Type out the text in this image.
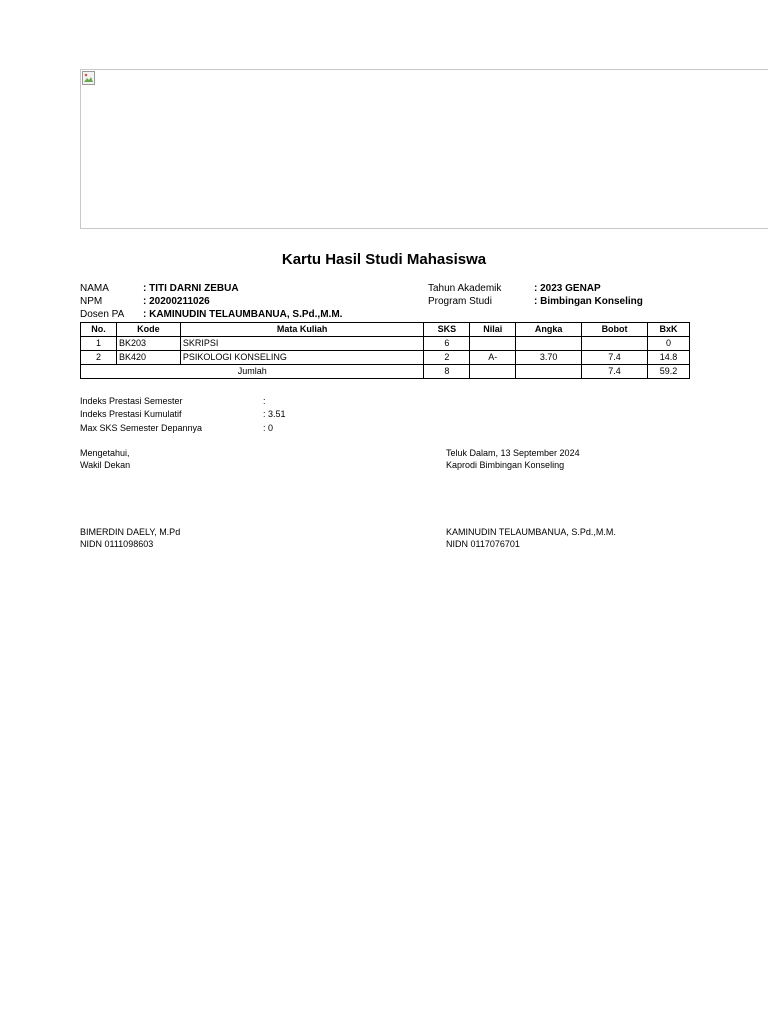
Kartu Hasil Studi Mahasiswa
NAMA	: TITI DARNI ZEBUA
NPM	: 20200211026
Dosen PA : KAMINUDIN TELAUMBANUA, S.Pd.,M.M.
Tahun Akademik	: 2023 GENAP
Program Studi	: Bimbingan Konseling
No.	Kode	Mata Kuliah	SKS	Nilai	Angka	Bobot	BxK
1	BK203	SKRIPSI	6				0
2	BK420	PSIKOLOGI KONSELING	2	A-	3.70	7.4	14.8
Jumlah			8			7.4	59.2
Indeks Prestasi Semester	:
Indeks Prestasi Kumulatif	: 3.51
Max SKS Semester Depannya	: 0
Mengetahui,
Wakil Dekan
Teluk Dalam, 13 September 2024
Kaprodi Bimbingan Konseling
BIMERDIN DAELY, M.Pd
NIDN 0111098603
KAMINUDIN TELAUMBANUA, S.Pd.,M.M.
NIDN 0117076701
